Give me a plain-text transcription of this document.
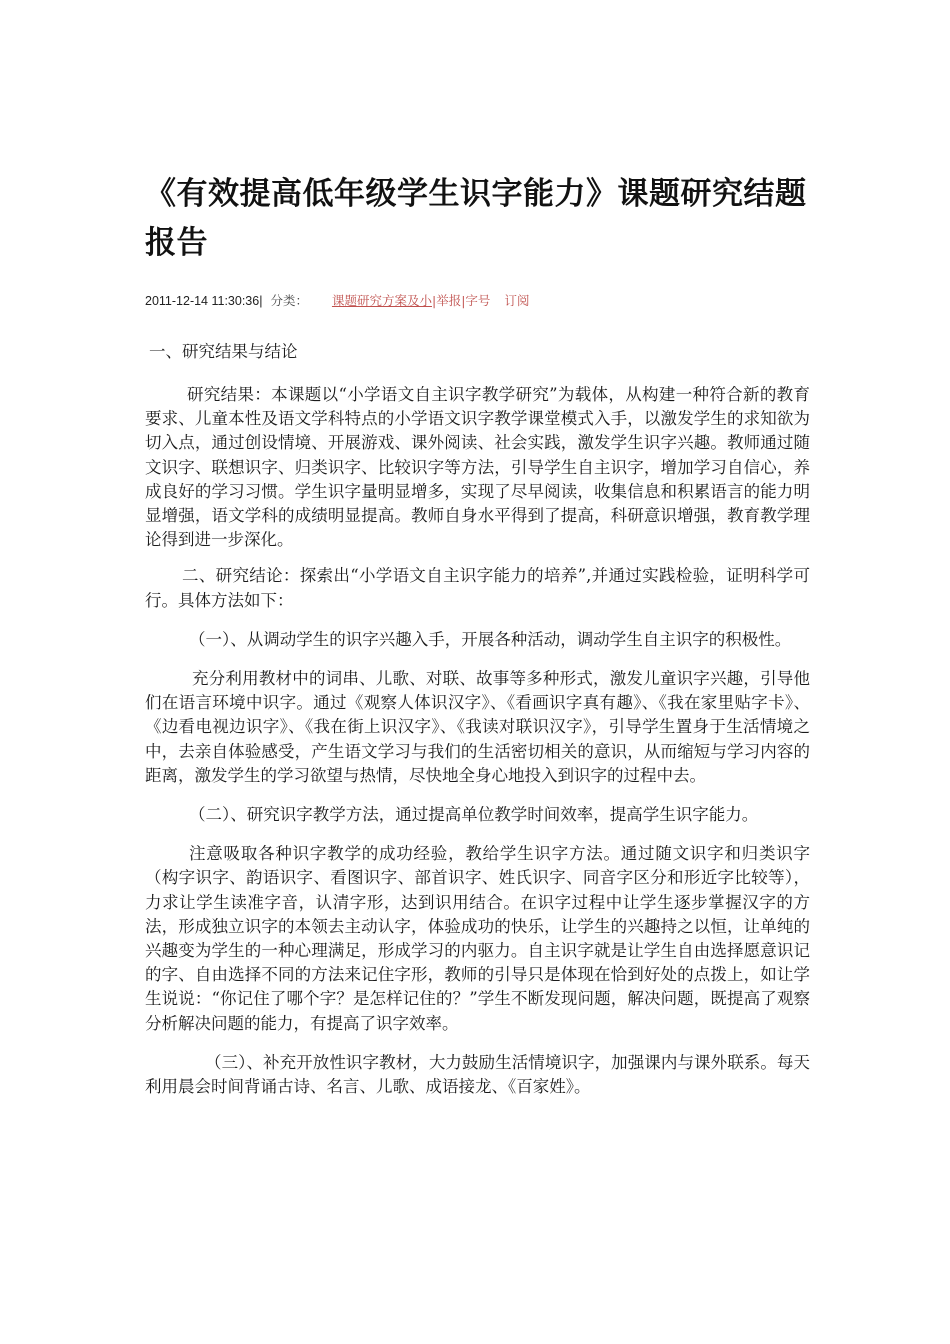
《有效提高低年级学生识字能力》课题研究结题报告
2011-12-14 11:30:36| 分类： 课题研究方案及小|举报|字号 订阅
一、研究结果与结论

研究结果：本课题以“小学语文自主识字教学研究”为载体，从构建一种符合新的教育要求、儿童本性及语文学科特点的小学语文识字教学课堂模式入手，以激发学生的求知欲为切入点，通过创设情境、开展游戏、课外阅读、社会实践，激发学生识字兴趣。教师通过随文识字、联想识字、归类识字、比较识字等方法，引导学生自主识字，增加学习自信心，养成良好的学习习惯。学生识字量明显增多，实现了尽早阅读，收集信息和积累语言的能力明显增强，语文学科的成绩明显提高。教师自身水平得到了提高，科研意识增强，教育教学理论得到进一步深化。

二、研究结论：探索出“小学语文自主识字能力的培养”,并通过实践检验，证明科学可行。具体方法如下：

（一）、从调动学生的识字兴趣入手，开展各种活动，调动学生自主识字的积极性。

充分利用教材中的词串、儿歌、对联、故事等多种形式，激发儿童识字兴趣，引导他们在语言环境中识字。通过《观察人体识汉字》、《看画识字真有趣》、《我在家里贴字卡》、《边看电视边识字》、《我在街上识汉字》、《我读对联识汉字》，引导学生置身于生活情境之中，去亲自体验感受，产生语文学习与我们的生活密切相关的意识，从而缩短与学习内容的距离，激发学生的学习欲望与热情，尽快地全身心地投入到识字的过程中去。

（二）、研究识字教学方法，通过提高单位教学时间效率，提高学生识字能力。

注意吸取各种识字教学的成功经验，教给学生识字方法。通过随文识字和归类识字（构字识字、韵语识字、看图识字、部首识字、姓氏识字、同音字区分和形近字比较等），力求让学生读准字音，认清字形，达到识用结合。在识字过程中让学生逐步掌握汉字的方法，形成独立识字的本领去主动认字，体验成功的快乐，让学生的兴趣持之以恒，让单纯的兴趣变为学生的一种心理满足，形成学习的内驱力。自主识字就是让学生自由选择愿意识记的字、自由选择不同的方法来记住字形，教师的引导只是体现在恰到好处的点拨上，如让学生说说：“你记住了哪个字？是怎样记住的？”学生不断发现问题，解决问题，既提高了观察分析解决问题的能力，有提高了识字效率。

（三）、补充开放性识字教材，大力鼓励生活情境识字，加强课内与课外联系。每天利用晨会时间背诵古诗、名言、儿歌、成语接龙、《百家姓》。
